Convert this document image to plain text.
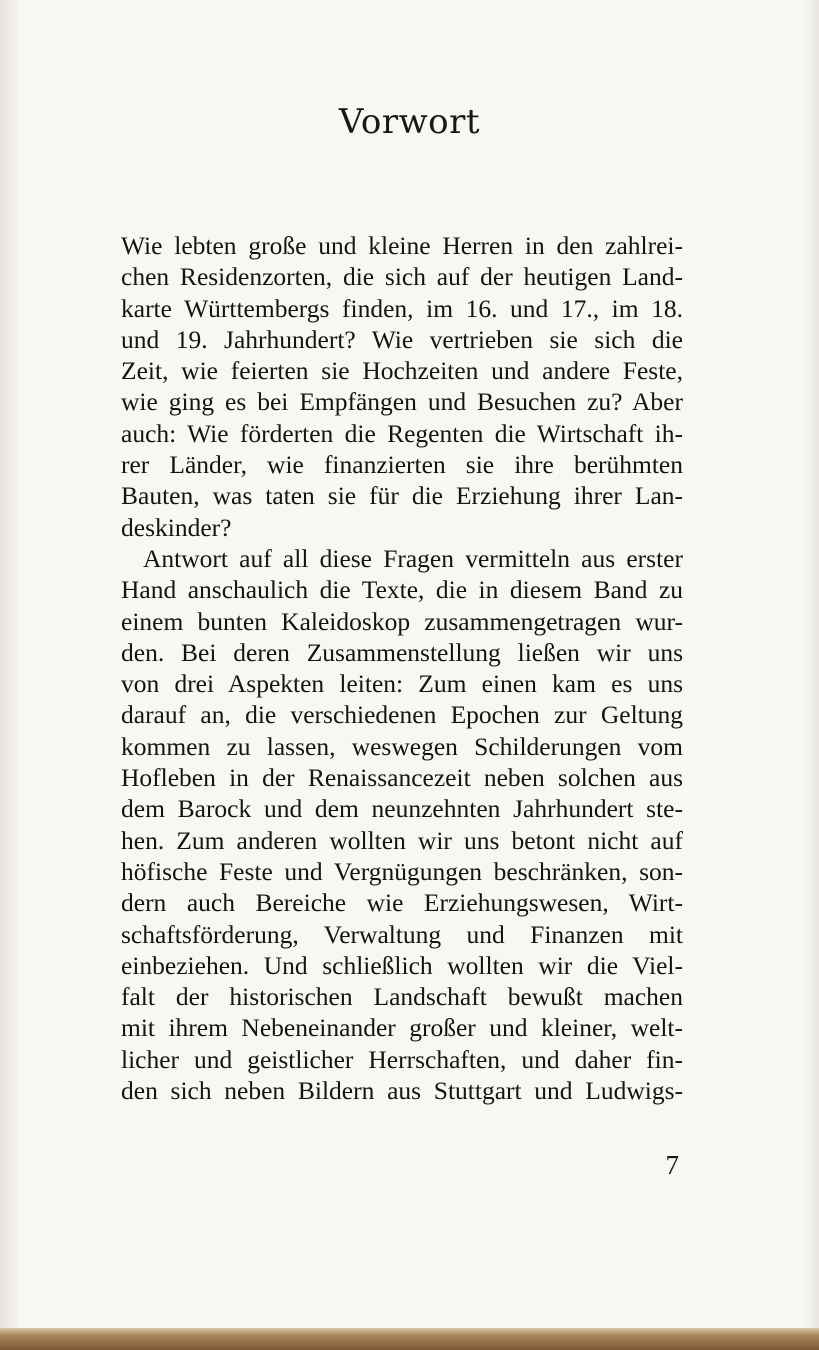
Vorwort
Wie lebten große und kleine Herren in den zahlrei-
chen Residenzorten, die sich auf der heutigen Land-
karte Württembergs finden, im 16. und 17., im 18.
und 19. Jahrhundert? Wie vertrieben sie sich die
Zeit, wie feierten sie Hochzeiten und andere Feste,
wie ging es bei Empfängen und Besuchen zu? Aber
auch: Wie förderten die Regenten die Wirtschaft ih-
rer Länder, wie finanzierten sie ihre berühmten
Bauten, was taten sie für die Erziehung ihrer Lan-
deskinder?
Antwort auf all diese Fragen vermitteln aus erster
Hand anschaulich die Texte, die in diesem Band zu
einem bunten Kaleidoskop zusammengetragen wur-
den. Bei deren Zusammenstellung ließen wir uns
von drei Aspekten leiten: Zum einen kam es uns
darauf an, die verschiedenen Epochen zur Geltung
kommen zu lassen, weswegen Schilderungen vom
Hofleben in der Renaissancezeit neben solchen aus
dem Barock und dem neunzehnten Jahrhundert ste-
hen. Zum anderen wollten wir uns betont nicht auf
höfische Feste und Vergnügungen beschränken, son-
dern auch Bereiche wie Erziehungswesen, Wirt-
schaftsförderung, Verwaltung und Finanzen mit
einbeziehen. Und schließlich wollten wir die Viel-
falt der historischen Landschaft bewußt machen
mit ihrem Nebeneinander großer und kleiner, welt-
licher und geistlicher Herrschaften, und daher fin-
den sich neben Bildern aus Stuttgart und Ludwigs-
7
